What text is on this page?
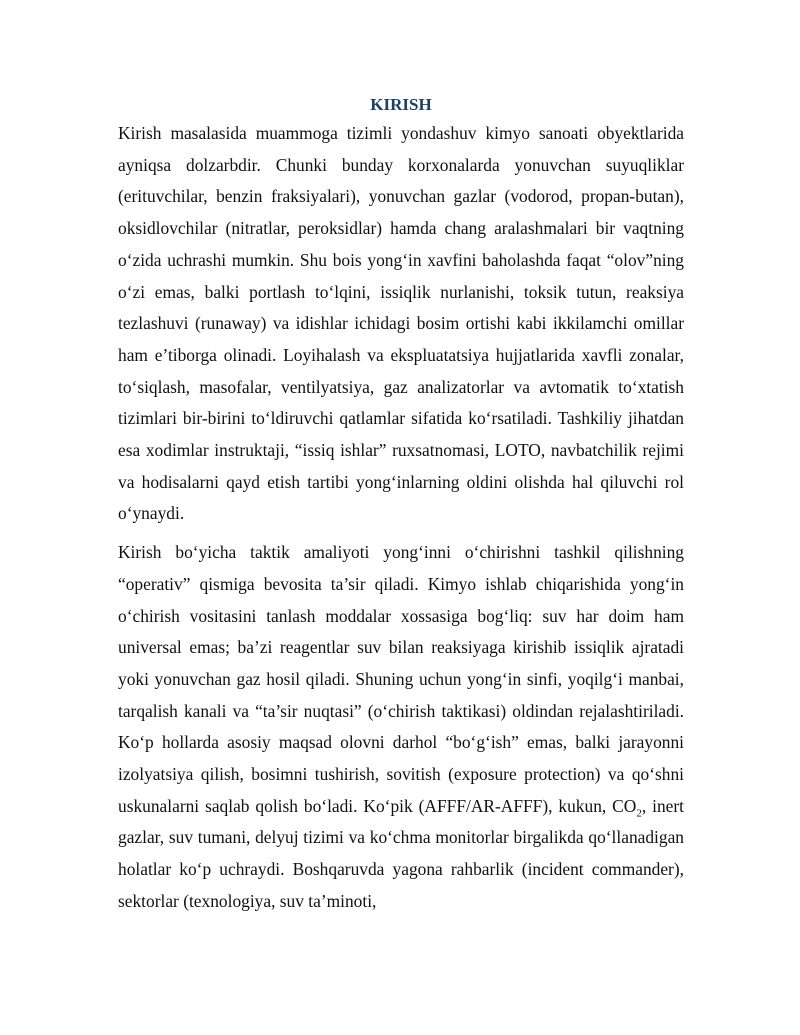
KIRISH

Kirish masalasida muammoga tizimli yondashuv kimyo sanoati obyektlarida ayniqsa dolzarbdir. Chunki bunday korxonalarda yonuvchan suyuqliklar (erituvchilar, benzin fraksiyalari), yonuvchan gazlar (vodorod, propan-butan), oksidlovchilar (nitratlar, peroksidlar) hamda chang aralashmalari bir vaqtning o‘zida uchrashi mumkin. Shu bois yong‘in xavfini baholashda faqat “olov”ning o‘zi emas, balki portlash to‘lqini, issiqlik nurlanishi, toksik tutun, reaksiya tezlashuvi (runaway) va idishlar ichidagi bosim ortishi kabi ikkilamchi omillar ham e’tiborga olinadi. Loyihalash va ekspluatatsiya hujjatlarida xavfli zonalar, to‘siqlash, masofalar, ventilyatsiya, gaz analizatorlar va avtomatik to‘xtatish tizimlari bir-birini to‘ldiruvchi qatlamlar sifatida ko‘rsatiladi. Tashkiliy jihatdan esa xodimlar instruktaji, “issiq ishlar” ruxsatnomasi, LOTO, navbatchilik rejimi va hodisalarni qayd etish tartibi yong‘inlarning oldini olishda hal qiluvchi rol o‘ynaydi.

Kirish bo‘yicha taktik amaliyoti yong‘inni o‘chirishni tashkil qilishning “operativ” qismiga bevosita ta’sir qiladi. Kimyo ishlab chiqarishida yong‘in o‘chirish vositasini tanlash moddalar xossasiga bog‘liq: suv har doim ham universal emas; ba’zi reagentlar suv bilan reaksiyaga kirishib issiqlik ajratadi yoki yonuvchan gaz hosil qiladi. Shuning uchun yong‘in sinfi, yoqilg‘i manbai, tarqalish kanali va “ta’sir nuqtasi” (o‘chirish taktikasi) oldindan rejalashtiriladi. Ko‘p hollarda asosiy maqsad olovni darhol “bo‘g‘ish” emas, balki jarayonni izolyatsiya qilish, bosimni tushirish, sovitish (exposure protection) va qo‘shni uskunalarni saqlab qolish bo‘ladi. Ko‘pik (AFFF/AR-AFFF), kukun, $CO_2$, inert gazlar, suv tumani, delyuj tizimi va ko‘chma monitorlar birgalikda qo‘llanadigan holatlar ko‘p uchraydi. Boshqaruvda yagona rahbarlik (incident commander), sektorlar (texnologiya, suv ta’minoti,
